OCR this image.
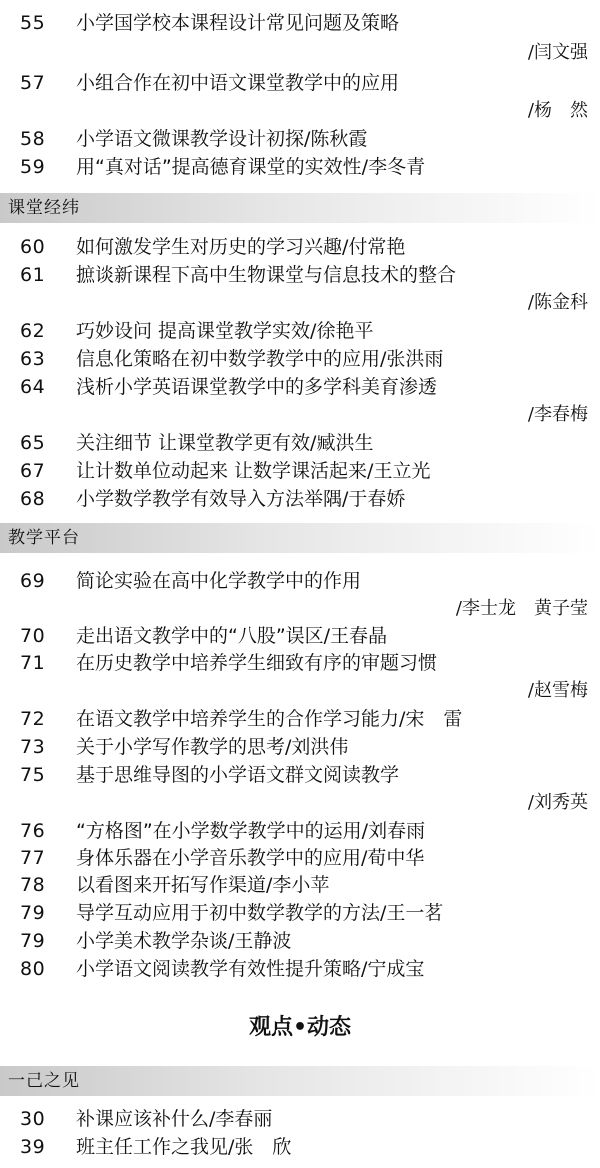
55 小学国学校本课程设计常见问题及策略
/闫文强
57 小组合作在初中语文课堂教学中的应用
/杨　然
58 小学语文微课教学设计初探/陈秋霞
59 用“真对话”提高德育课堂的实效性/李冬青
课堂经纬
60 如何激发学生对历史的学习兴趣/付常艳
61 摭谈新课程下高中生物课堂与信息技术的整合
/陈金科
62 巧妙设问 提高课堂教学实效/徐艳平
63 信息化策略在初中数学教学中的应用/张洪雨
64 浅析小学英语课堂教学中的多学科美育渗透
/李春梅
65 关注细节 让课堂教学更有效/臧洪生
67 让计数单位动起来 让数学课活起来/王立光
68 小学数学教学有效导入方法举隅/于春娇
教学平台
69 简论实验在高中化学教学中的作用
/李士龙　黄子莹
70 走出语文教学中的“八股”误区/王春晶
71 在历史教学中培养学生细致有序的审题习惯
/赵雪梅
72 在语文教学中培养学生的合作学习能力/宋　雷
73 关于小学写作教学的思考/刘洪伟
75 基于思维导图的小学语文群文阅读教学
/刘秀英
76 “方格图”在小学数学教学中的运用/刘春雨
77 身体乐器在小学音乐教学中的应用/荀中华
78 以看图来开拓写作渠道/李小苹
79 导学互动应用于初中数学教学的方法/王一茗
79 小学美术教学杂谈/王静波
80 小学语文阅读教学有效性提升策略/宁成宝
观点•动态
一己之见
30 补课应该补什么/李春丽
39 班主任工作之我见/张　欣
